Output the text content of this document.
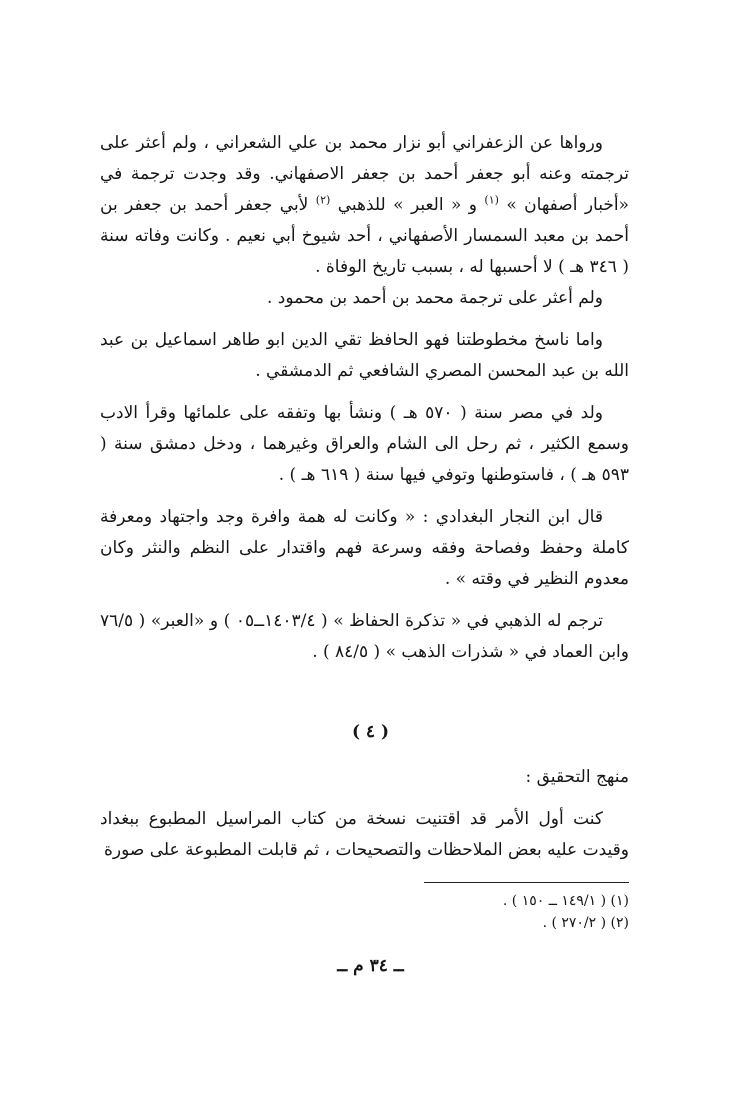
ورواها عن الزعفراني أبو نزار محمد بن علي الشعراني ، ولم أعثر على ترجمته وعنه أبو جعفر أحمد بن جعفر الاصفهاني. وقد وجدت ترجمة في «أخبار أصفهان » $^{(١)}$ و « العبر » للذهبي $^{(٢)}$ لأبي جعفر أحمد بن جعفر بن أحمد بن معبد السمسار الأصفهاني ، أحد شيوخ أبي نعيم . وكانت وفاته سنة ( ٣٤٦ هـ ) لا أحسبها له ، بسبب تاريخ الوفاة .

ولم أعثر على ترجمة محمد بن أحمد بن محمود .

واما ناسخ مخطوطتنا فهو الحافظ تقي الدين ابو طاهر اسماعيل بن عبد الله بن عبد المحسن المصري الشافعي ثم الدمشقي .

ولد في مصر سنة ( ٥٧٠ هـ ) ونشأ بها وتفقه على علمائها وقرأ الادب وسمع الكثير ، ثم رحل الى الشام والعراق وغيرهما ، ودخل دمشق سنة ( ٥٩٣ هـ ) ، فاستوطنها وتوفي فيها سنة ( ٦١٩ هـ ) .

قال ابن النجار البغدادي : « وكانت له همة وافرة وجد واجتهاد ومعرفة كاملة وحفظ وفصاحة وفقه وسرعة فهم واقتدار على النظم والنثر وكان معدوم النظير في وقته » .

ترجم له الذهبي في « تذكرة الحفاظ » ( ١٤٠٣/٤ــ٠٥ ) و «العبر» ( ٧٦/٥ وابن العماد في « شذرات الذهب » ( ٨٤/٥ ) .

( ٤ )

منهج التحقيق :

كنت أول الأمر قد اقتنيت نسخة من كتاب المراسيل المطبوع ببغداد وقيدت عليه بعض الملاحظات والتصحيحات ، ثم قابلت المطبوعة على صورة

(١) ( ١٤٩/١ ــ ١٥٠ ) .

(٢) ( ٢٧٠/٢ ) .

ــ ٣٤ م ــ
